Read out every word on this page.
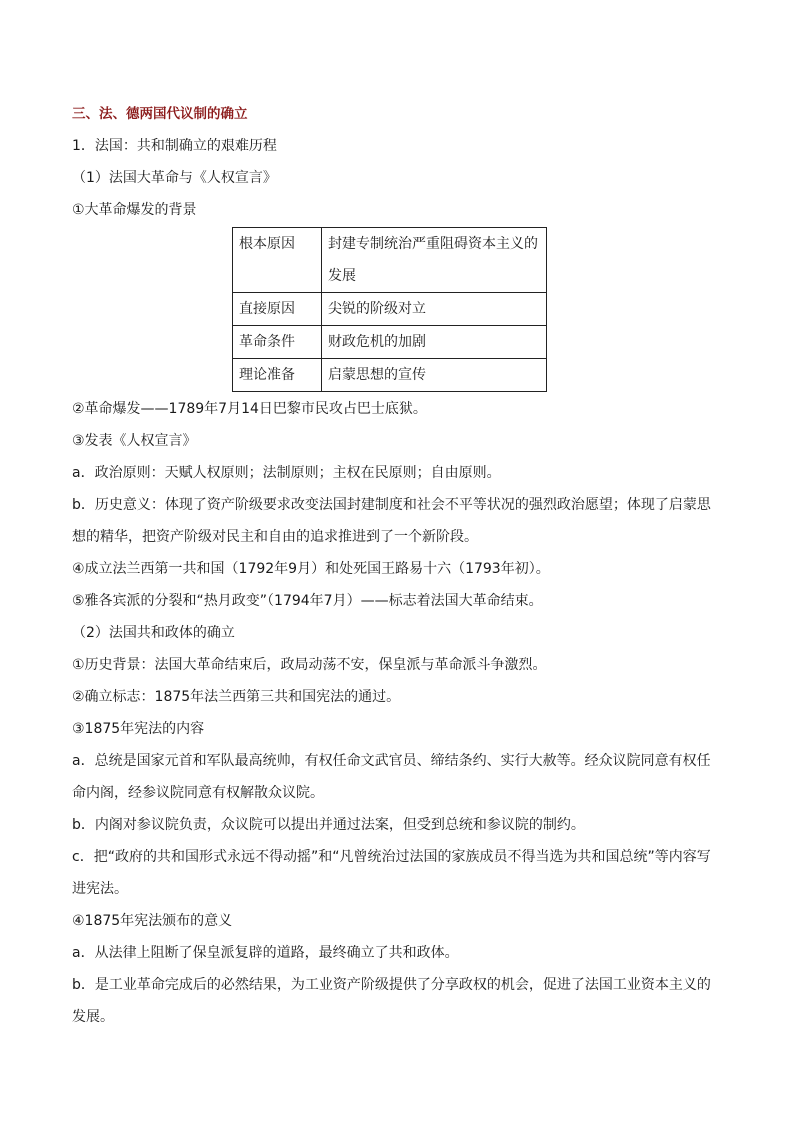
三、法、德两国代议制的确立

1．法国：共和制确立的艰难历程

（1）法国大革命与《人权宣言》

①大革命爆发的背景

根本原因	封建专制统治严重阻碍资本主义的发展
直接原因	尖锐的阶级对立
革命条件	财政危机的加剧
理论准备	启蒙思想的宣传

②革命爆发——1789年7月14日巴黎市民攻占巴士底狱。

③发表《人权宣言》

a．政治原则：天赋人权原则；法制原则；主权在民原则；自由原则。

b．历史意义：体现了资产阶级要求改变法国封建制度和社会不平等状况的强烈政治愿望；体现了启蒙思想的精华，把资产阶级对民主和自由的追求推进到了一个新阶段。

④成立法兰西第一共和国（1792年9月）和处死国王路易十六（1793年初）。

⑤雅各宾派的分裂和“热月政变”（1794年7月）——标志着法国大革命结束。

（2）法国共和政体的确立

①历史背景：法国大革命结束后，政局动荡不安，保皇派与革命派斗争激烈。

②确立标志：1875年法兰西第三共和国宪法的通过。

③1875年宪法的内容

a．总统是国家元首和军队最高统帅，有权任命文武官员、缔结条约、实行大赦等。经众议院同意有权任命内阁，经参议院同意有权解散众议院。

b．内阁对参议院负责，众议院可以提出并通过法案，但受到总统和参议院的制约。

c．把“政府的共和国形式永远不得动摇”和“凡曾统治过法国的家族成员不得当选为共和国总统”等内容写进宪法。

④1875年宪法颁布的意义

a．从法律上阻断了保皇派复辟的道路，最终确立了共和政体。

b．是工业革命完成后的必然结果，为工业资产阶级提供了分享政权的机会，促进了法国工业资本主义的发展。
